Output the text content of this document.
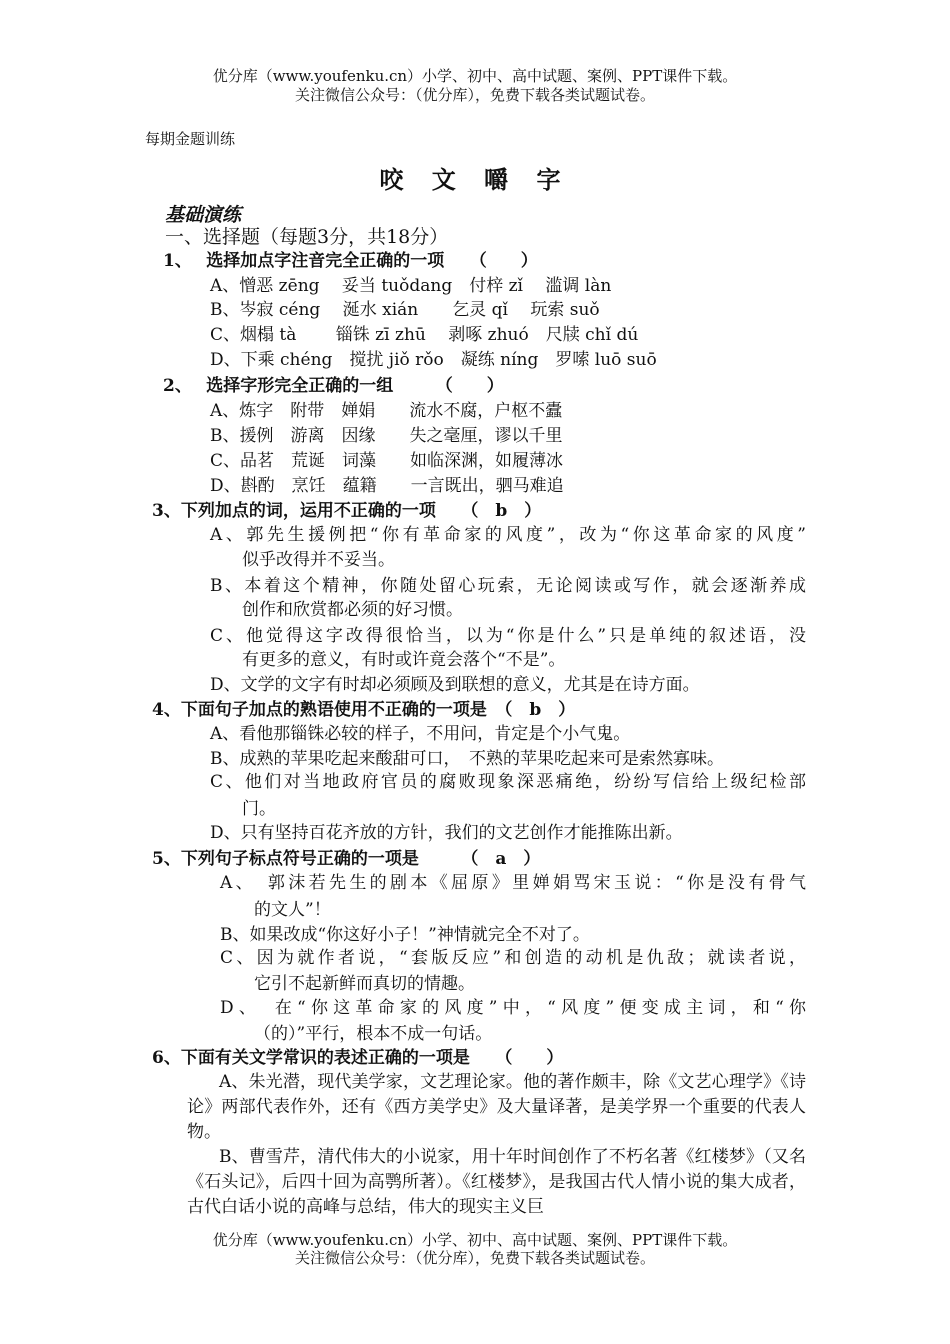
优分库（www.youfenku.cn）小学、初中、高中试题、案例、PPT课件下载。
关注微信公众号：（优分库），免费下载各类试题试卷。
每期金题训练
咬 文 嚼 字
基础演练
一、选择题（每题3分，共18分）
1、　 选择加点字注音完全正确的一项　　（　　）
A、憎恶 zēng　 妥当 tuǒdang　付梓 zǐ　 滥调 làn
B、岑寂 céng　 涎水 xián　　乞灵 qǐ　 玩索 suǒ
C、烟榻 tà　　 锱铢 zī zhū　 剥啄 zhuó　尺牍 chǐ dú
D、下乘 chéng　搅扰 jiǒ rǒo　凝练 níng　罗嗦 luō suō
2、　 选择字形完全正确的一组　　　（　　）
A、炼字　附带　婵娟　　流水不腐，户枢不蠹
B、援例　游离　因缘　　失之毫厘，谬以千里
C、品茗　荒诞　词藻　　如临深渊，如履薄冰
D、斟酌　烹饪　蕴籍　　一言既出，驷马难追
3、下列加点的词，运用不正确的一项　　（　b　）
A、郭先生援例把“你有革命家的风度”，改为“你这革命家的风度”
似乎改得并不妥当。
B、本着这个精神，你随处留心玩索，无论阅读或写作，就会逐渐养成
创作和欣赏都必须的好习惯。
C、他觉得这字改得很恰当，以为“你是什么”只是单纯的叙述语，没
有更多的意义，有时或许竟会落个“不是”。
D、文学的文字有时却必须顾及到联想的意义，尤其是在诗方面。
4、下面句子加点的熟语使用不正确的一项是　（　b　）
A、看他那锱铢必较的样子，不用问，肯定是个小气鬼。
B、成熟的苹果吃起来酸甜可口，　不熟的苹果吃起来可是索然寡味。
C、他们对当地政府官员的腐败现象深恶痛绝，纷纷写信给上级纪检部
门。
D、只有坚持百花齐放的方针，我们的文艺创作才能推陈出新。
5、下列句子标点符号正确的一项是　　　（　a　）
A、　郭沫若先生的剧本《屈原》里婵娟骂宋玉说：“你是没有骨气
的文人”！
B、如果改成“你这好小子！”神情就完全不对了。
C、因为就作者说，“套版反应”和创造的动机是仇敌；就读者说，
它引不起新鲜而真切的情趣。
D、　在“你这革命家的风度”中，“风度”便变成主词，和“你
（的）”平行，根本不成一句话。
6、下面有关文学常识的表述正确的一项是　　（　　）
A、朱光潜，现代美学家，文艺理论家。他的著作颇丰，除《文艺心理学》《诗论》两部代表作外，还有《西方美学史》及大量译著，是美学界一个重要的代表人物。
B、曹雪芹，清代伟大的小说家，用十年时间创作了不朽名著《红楼梦》（又名《石头记》，后四十回为高鹗所著）。《红楼梦》，是我国古代人情小说的集大成者，古代白话小说的高峰与总结，伟大的现实主义巨
优分库（www.youfenku.cn）小学、初中、高中试题、案例、PPT课件下载。
关注微信公众号：（优分库），免费下载各类试题试卷。
